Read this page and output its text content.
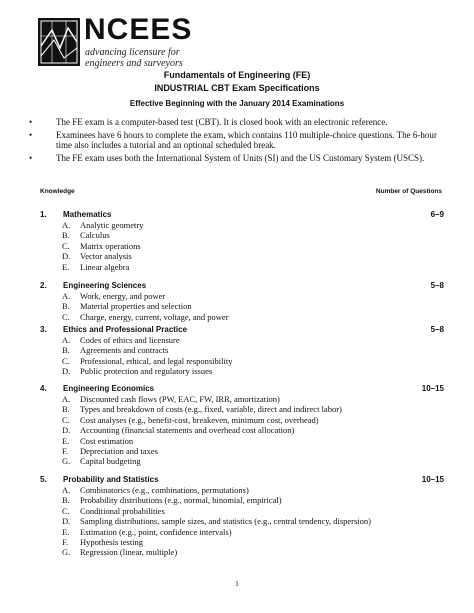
NCEES
advancing licensure for
engineers and surveyors
Fundamentals of Engineering (FE)
INDUSTRIAL CBT Exam Specifications
Effective Beginning with the January 2014 Examinations
•	The FE exam is a computer-based test (CBT). It is closed book with an electronic reference.
•	Examinees have 6 hours to complete the exam, which contains 110 multiple-choice questions. The 6-hour time also includes a tutorial and an optional scheduled break.
•	The FE exam uses both the International System of Units (SI) and the US Customary System (USCS).
Knowledge	Number of Questions
1. Mathematics	6–9
A. Analytic geometry
B. Calculus
C. Matrix operations
D. Vector analysis
E. Linear algebra
2. Engineering Sciences	5–8
A. Work, energy, and power
B. Material properties and selection
C. Charge, energy, current, voltage, and power
3. Ethics and Professional Practice	5–8
A. Codes of ethics and licensure
B. Agreements and contracts
C. Professional, ethical, and legal responsibility
D. Public protection and regulatory issues
4. Engineering Economics	10–15
A. Discounted cash flows (PW, EAC, FW, IRR, amortization)
B. Types and breakdown of costs (e.g., fixed, variable, direct and indirect labor)
C. Cost analyses (e.g., benefit-cost, breakeven, minimum cost, overhead)
D. Accounting (financial statements and overhead cost allocation)
E. Cost estimation
F. Depreciation and taxes
G. Capital budgeting
5. Probability and Statistics	10–15
A. Combinatorics (e.g., combinations, permutations)
B. Probability distributions (e.g., normal, binomial, empirical)
C. Conditional probabilities
D. Sampling distributions, sample sizes, and statistics (e.g., central tendency, dispersion)
E. Estimation (e.g., point, confidence intervals)
F. Hypothesis testing
G. Regression (linear, multiple)
1
